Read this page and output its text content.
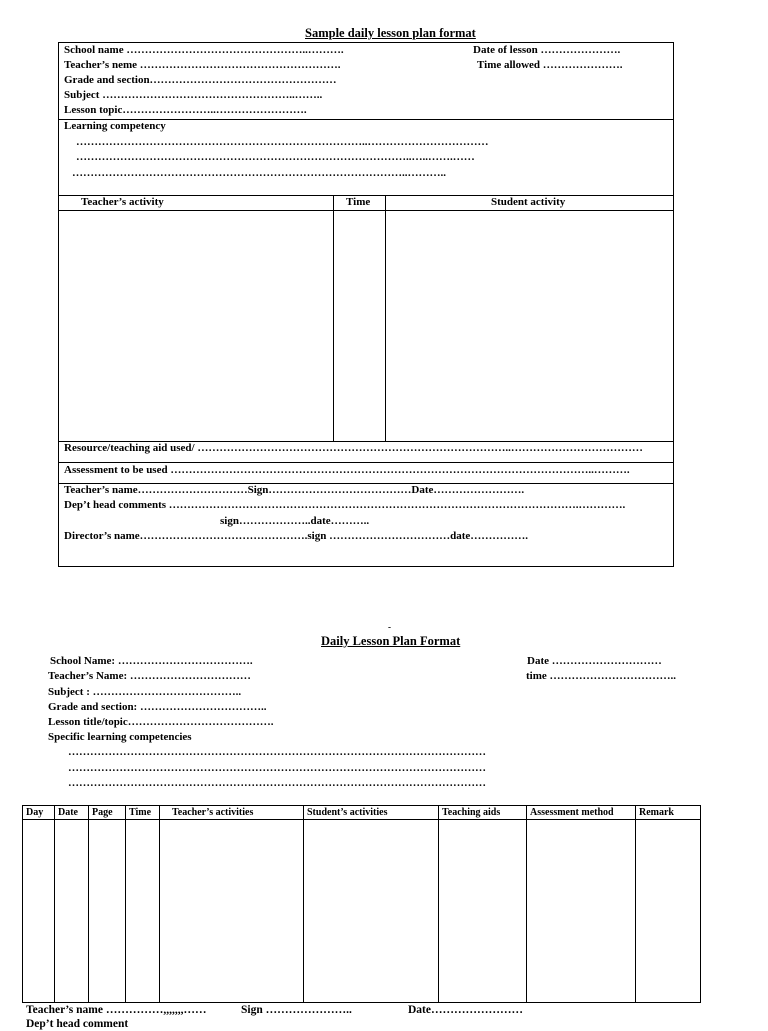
Sample daily lesson plan format
School name …………………………………………..……….	Date of lesson ………………….
Teacher’s neme ……………………………………………….	Time allowed ………………….
Grade and section……………………………………………
Subject ……………………………………………..……..
Lesson topic……………………..…………………….
Learning competency
……………………………………………………………………..……………………………
………………………………………………………………………………..…..…….……
………………………………………………………………………………..………..
Teacher’s activity	Time	Student activity
Resource/teaching aid used/ …………………………………………………………………………..………………………………
Assessment to be used ……………………………………………………………………………………………………..……….
Teacher’s name…………………………Sign…………………………………Date…………………….
Dep’t head comments ………………………………………………………………………………………………….………….
sign………………..date………..
Director’s name……………………………………….sign ……………………………date…………….
-
Daily Lesson Plan Format
School Name: ……………………………….	Date …………………………
Teacher’s Name: ……………………………	time ……………………………..
Subject : …………………………………..
Grade and section: ……………………………..
Lesson title/topic………………………………….
Specific learning competencies
……………………………………………………………………………………………………
……………………………………………………………………………………………………
……………………………………………………………………………………………………
Day	Date	Page	Time	Teacher’s activities	Student’s activities	Teaching aids	Assessment method	Remark

Teacher’s name ……………,,,,,,,……	Sign …………………..	Date……………………
Dep’t head comment
